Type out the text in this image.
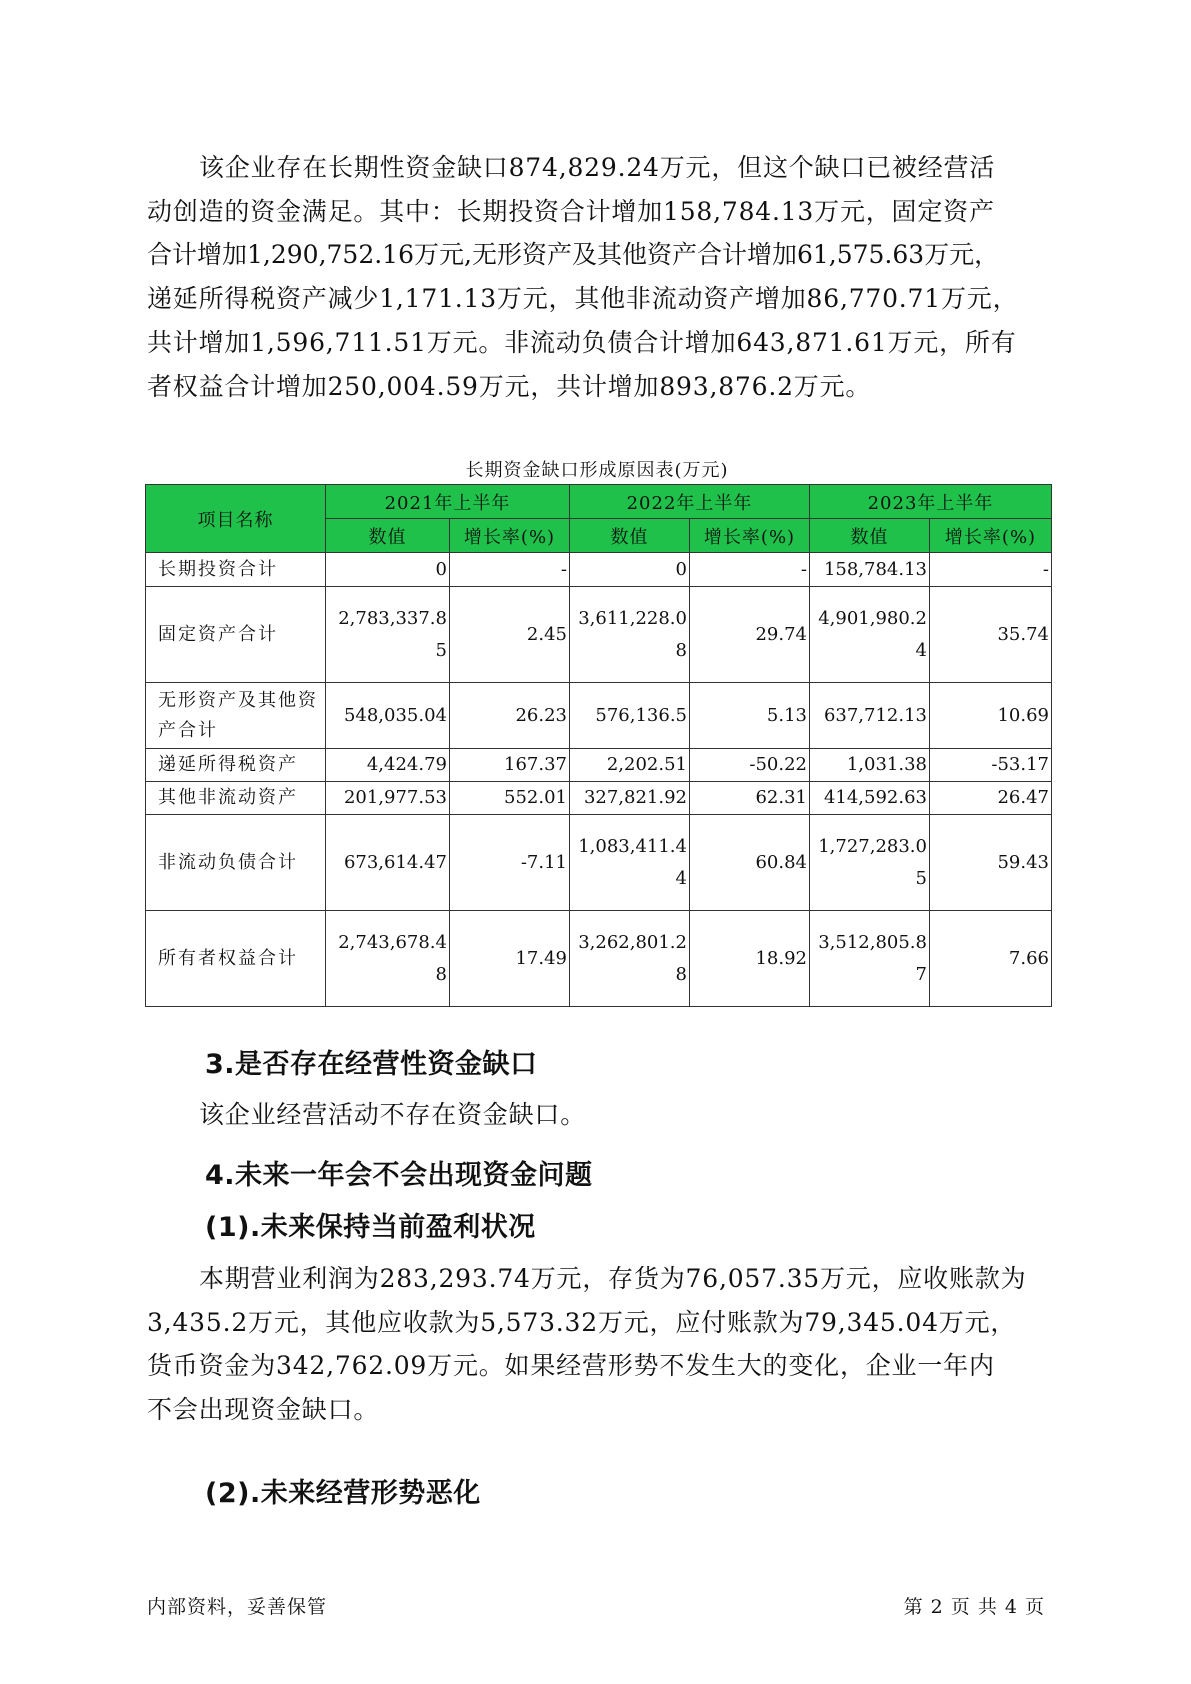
该企业存在长期性资金缺口874,829.24万元，但这个缺口已被经营活
动创造的资金满足。其中：长期投资合计增加158,784.13万元，固定资产
合计增加1,290,752.16万元,无形资产及其他资产合计增加61,575.63万元，
递延所得税资产减少1,171.13万元，其他非流动资产增加86,770.71万元，
共计增加1,596,711.51万元。非流动负债合计增加643,871.61万元，所有
者权益合计增加250,004.59万元，共计增加893,876.2万元。
长期资金缺口形成原因表(万元)
项目名称	2021年上半年		2022年上半年		2023年上半年	
	数值	增长率(%)	数值	增长率(%)	数值	增长率(%)
长期投资合计	0	-	0	-	158,784.13	-
固定资产合计	2,783,337.85	2.45	3,611,228.08	29.74	4,901,980.24	35.74
无形资产及其他资产合计	548,035.04	26.23	576,136.5	5.13	637,712.13	10.69
递延所得税资产	4,424.79	167.37	2,202.51	-50.22	1,031.38	-53.17
其他非流动资产	201,977.53	552.01	327,821.92	62.31	414,592.63	26.47
非流动负债合计	673,614.47	-7.11	1,083,411.44	60.84	1,727,283.05	59.43
所有者权益合计	2,743,678.48	17.49	3,262,801.28	18.92	3,512,805.87	7.66
3.是否存在经营性资金缺口
该企业经营活动不存在资金缺口。
4.未来一年会不会出现资金问题
(1).未来保持当前盈利状况
本期营业利润为283,293.74万元，存货为76,057.35万元，应收账款为
3,435.2万元，其他应收款为5,573.32万元，应付账款为79,345.04万元，
货币资金为342,762.09万元。如果经营形势不发生大的变化，企业一年内
不会出现资金缺口。
(2).未来经营形势恶化
内部资料，妥善保管	第 2 页 共 4 页
